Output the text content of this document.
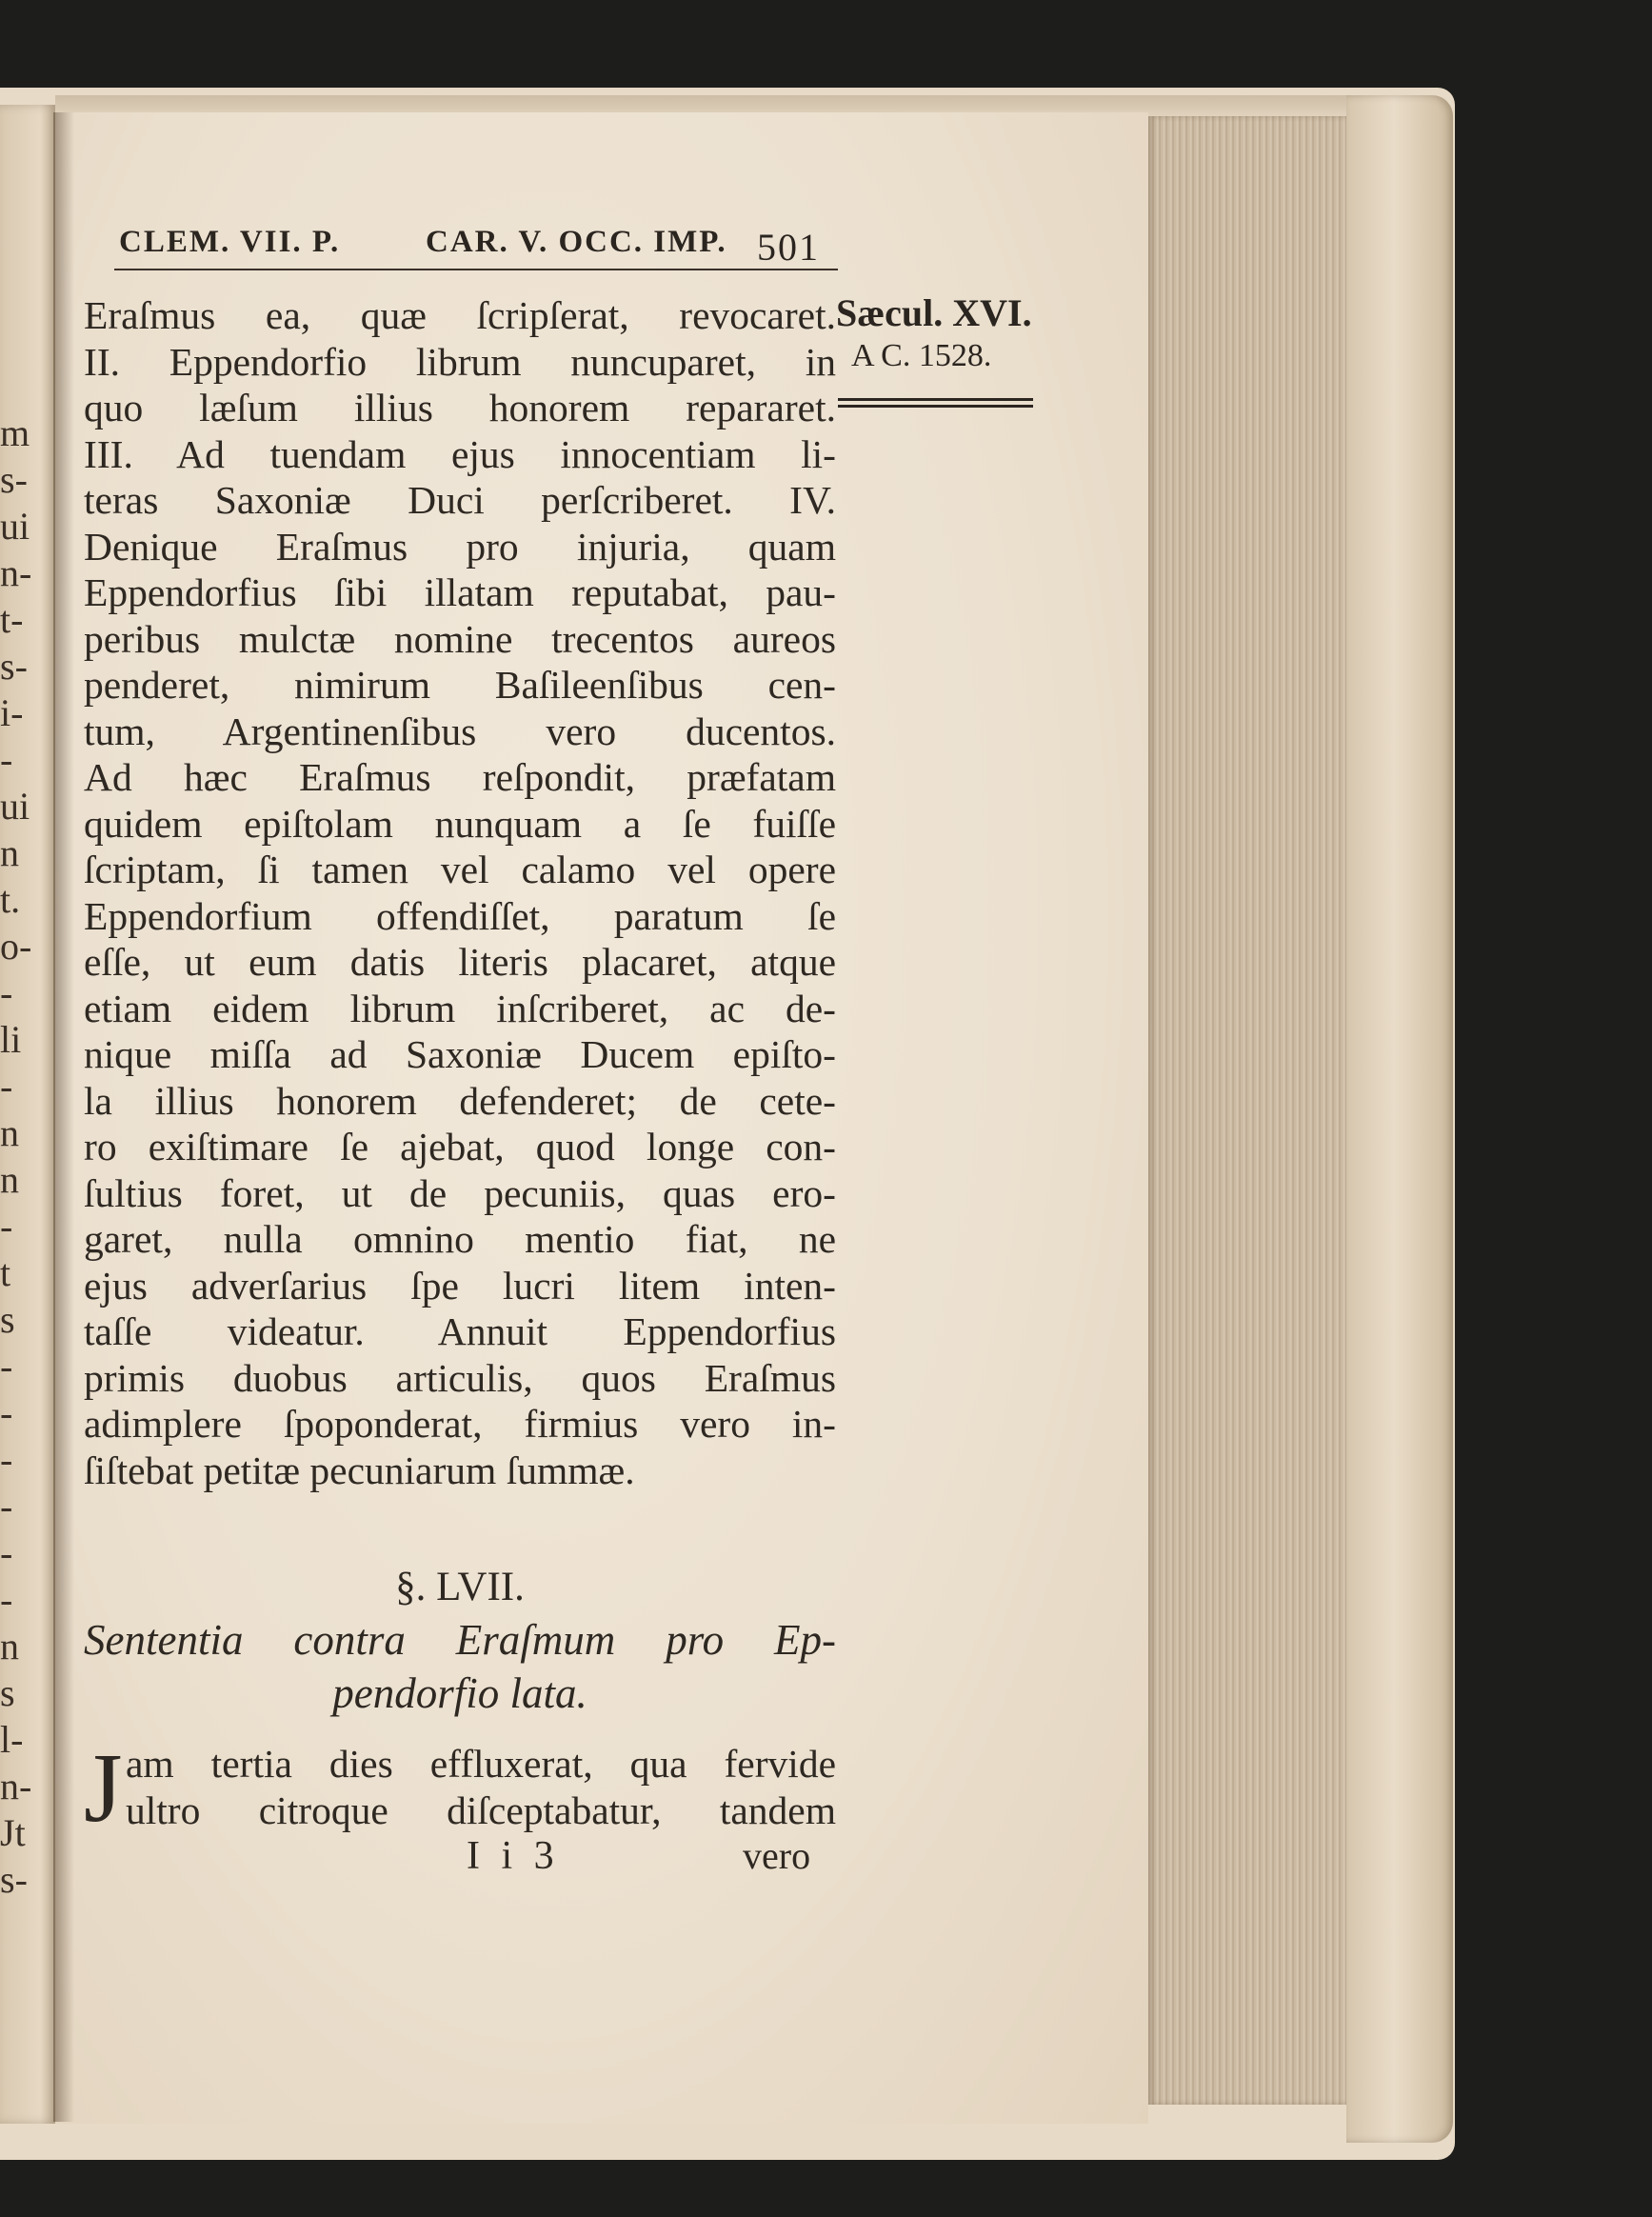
m
s-
ui
n-
t-
s-
i-
-
ui
n
t.
o-
-
li
-
n
n
-
t
s
-
-
-
-
-
-
n
s
l-
n-
Jt
s-
CLEM. VII. P.	CAR. V. OCC. IMP. 501
Sæcul. XVI.
A C. 1528.
Eraſmus ea, quæ ſcripſerat, revocaret.
II. Eppendorfio librum nuncuparet, in
quo læſum illius honorem repararet.
III. Ad tuendam ejus innocentiam li-
teras Saxoniæ Duci perſcriberet. IV.
Denique Eraſmus pro injuria, quam
Eppendorfius ſibi illatam reputabat, pau-
peribus mulctæ nomine trecentos aureos
penderet, nimirum Baſileenſibus cen-
tum, Argentinenſibus vero ducentos.
Ad hæc Eraſmus reſpondit, præfatam
quidem epiſtolam nunquam a ſe fuiſſe
ſcriptam, ſi tamen vel calamo vel opere
Eppendorfium offendiſſet, paratum ſe
eſſe, ut eum datis literis placaret, atque
etiam eidem librum inſcriberet, ac de-
nique miſſa ad Saxoniæ Ducem epiſto-
la illius honorem defenderet; de cete-
ro exiſtimare ſe ajebat, quod longe con-
ſultius foret, ut de pecuniis, quas ero-
garet, nulla omnino mentio fiat, ne
ejus adverſarius ſpe lucri litem inten-
taſſe videatur. Annuit Eppendorfius
primis duobus articulis, quos Eraſmus
adimplere ſpoponderat, firmius vero in-
ſiſtebat petitæ pecuniarum ſummæ.
§. LVII.
Sententia contra Eraſmum pro Ep-
pendorfio lata.
J am tertia dies effluxerat, qua fervide
ultro citroque diſceptabatur, tandem
I i 3	vero
